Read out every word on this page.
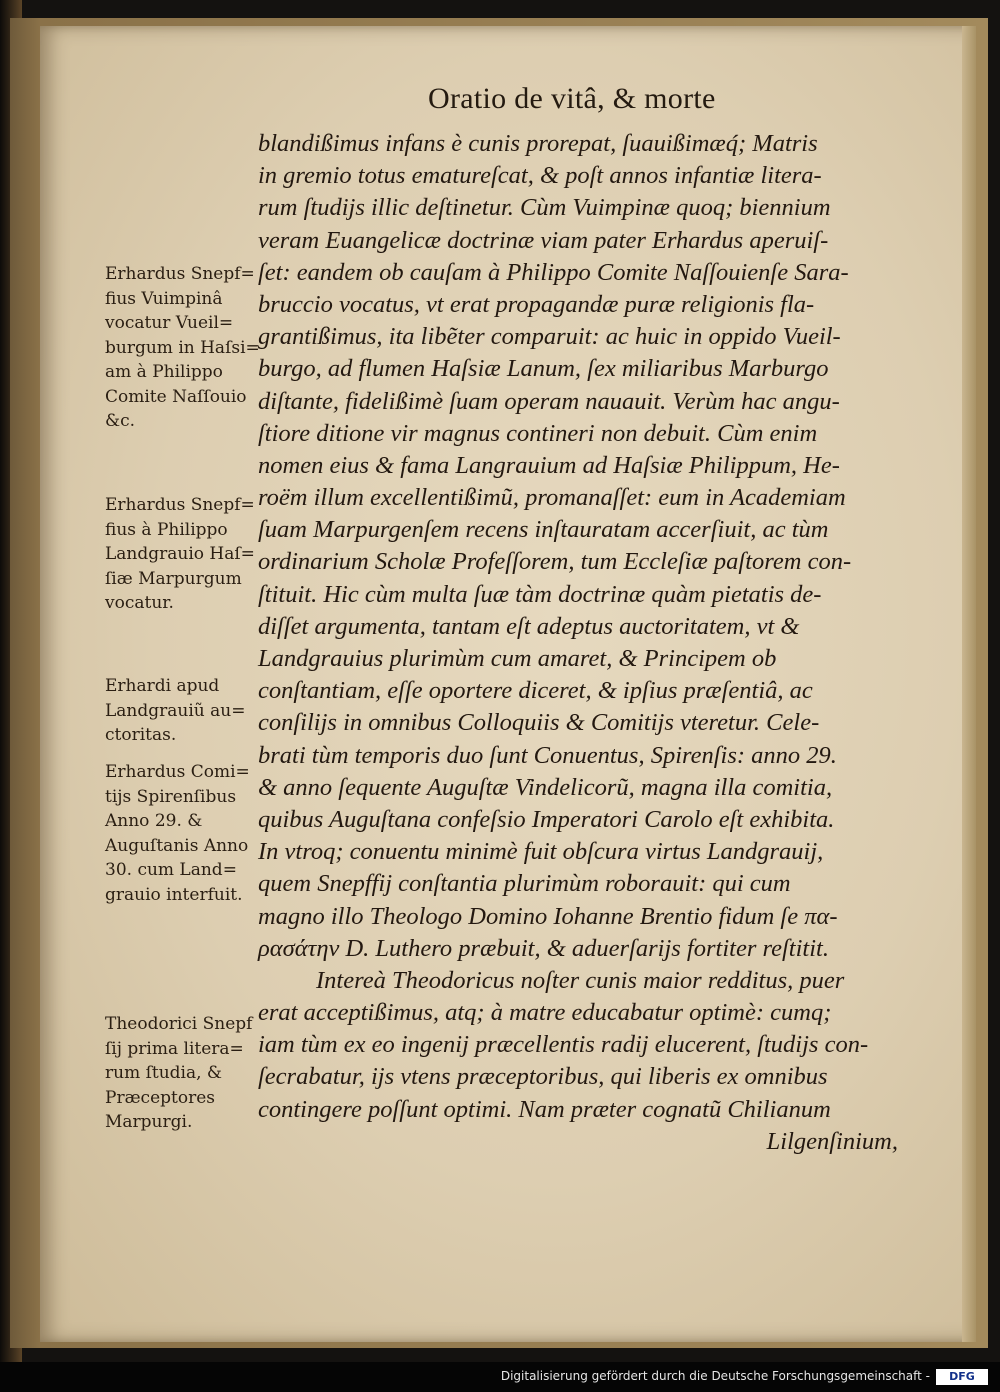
Oratio de vitâ, & morte
blandißimus infans è cunis prorepat, ſuauißimæq́; Matris
in gremio totus ematureſcat, & poſt annos infantiæ litera-
rum ſtudijs illic deſtinetur. Cùm Vuimpinæ quoq; biennium
veram Euangelicæ doctrinæ viam pater Erhardus aperuiſ-
ſet: eandem ob cauſam à Philippo Comite Naſſouienſe Sara-
bruccio vocatus, vt erat propagandæ puræ religionis fla-
grantißimus, ita libẽter comparuit: ac huic in oppido Vueil-
burgo, ad flumen Haſsiæ Lanum, ſex miliaribus Marburgo
diſtante, fidelißimè ſuam operam nauauit. Verùm hac angu-
ſtiore ditione vir magnus contineri non debuit. Cùm enim
nomen eius & fama Langrauium ad Haſsiæ Philippum, He-
roëm illum excellentißimũ, promanaſſet: eum in Academiam
ſuam Marpurgenſem recens inſtauratam accerſiuit, ac tùm
ordinarium Scholæ Profeſſorem, tum Eccleſiæ paſtorem con-
ſtituit. Hic cùm multa ſuæ tàm doctrinæ quàm pietatis de-
diſſet argumenta, tantam eſt adeptus auctoritatem, vt &
Landgrauius plurimùm cum amaret, & Principem ob
conſtantiam, eſſe oportere diceret, & ipſius præſentiâ, ac
conſilijs in omnibus Colloquiis & Comitijs vteretur. Cele-
brati tùm temporis duo ſunt Conuentus, Spirenſis: anno 29.
& anno ſequente Auguſtæ Vindelicorũ, magna illa comitia,
quibus Auguſtana confeſsio Imperatori Carolo eſt exhibita.
In vtroq; conuentu minimè fuit obſcura virtus Landgrauij,
quem Snepffij conſtantia plurimùm roborauit: qui cum
magno illo Theologo Domino Iohanne Brentio fidum ſe πα-
ρασάτην D. Luthero præbuit, & aduerſarijs fortiter reſtitit.
Intereà Theodoricus noſter cunis maior redditus, puer
erat acceptißimus, atq; à matre educabatur optimè: cumq;
iam tùm ex eo ingenij præcellentis radij elucerent, ſtudijs con-
ſecrabatur, ijs vtens præceptoribus, qui liberis ex omnibus
contingere poſſunt optimi. Nam præter cognatũ Chilianum
Lilgenſinium,
Erhardus Snepf=
fius Vuimpinâ
vocatur Vueil=
burgum in Haſsi=
am à Philippo
Comite Naſſouio
&c.
Erhardus Snepf=
fius à Philippo
Landgrauio Haſ=
ſiæ Marpurgum
vocatur.
Erhardi apud
Landgrauiũ au=
ctoritas.
Erhardus Comi=
tijs Spirenſibus
Anno 29. &
Auguſtanis Anno
30. cum Land=
grauio interfuit.
Theodorici Snepf
ſij prima litera=
rum ſtudia, &
Præceptores
Marpurgi.
Digitalisierung gefördert durch die Deutsche Forschungsgemeinschaft -	DFG
